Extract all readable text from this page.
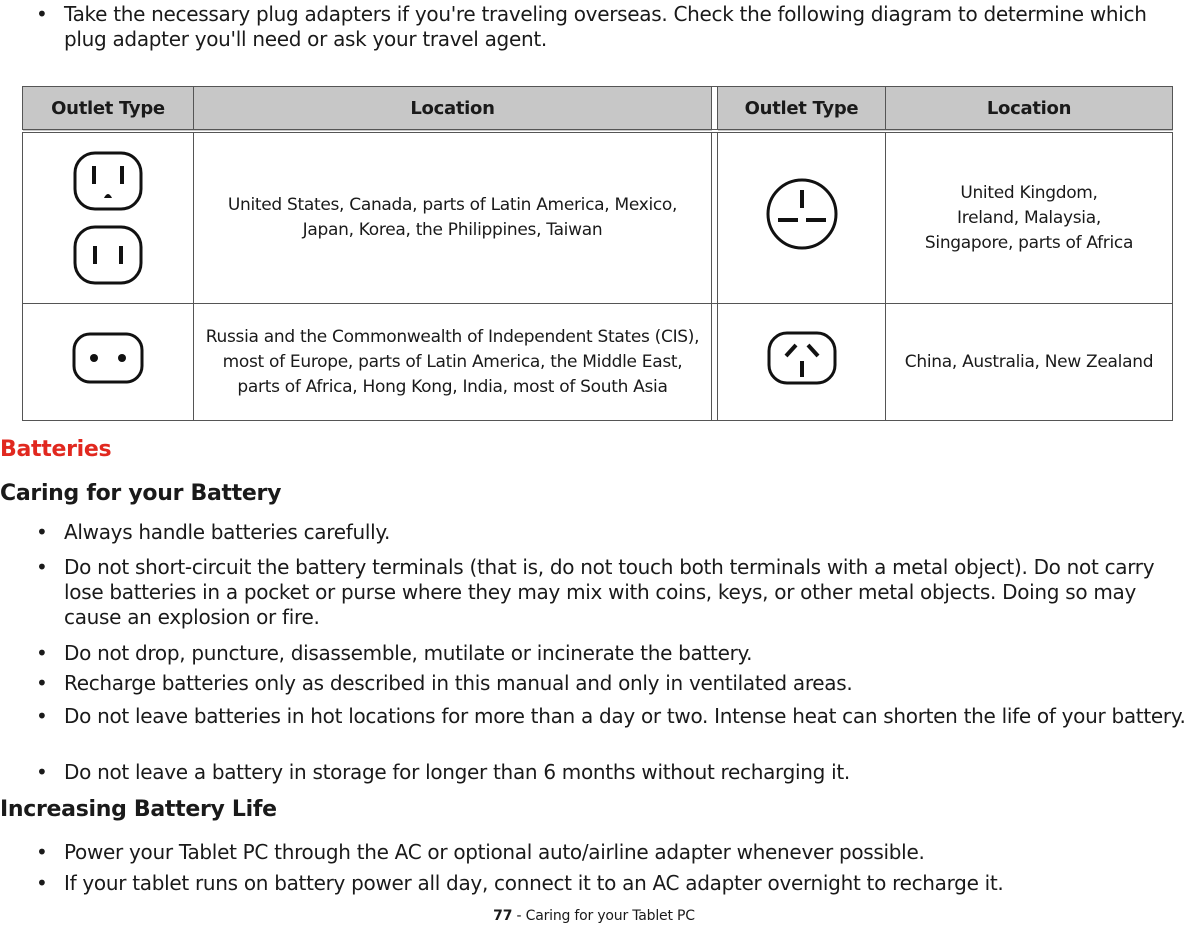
• Take the necessary plug adapters if you're traveling overseas. Check the following diagram to determine which plug adapter you'll need or ask your travel agent.
Outlet Type	Location		Outlet Type	Location

United States, Canada, parts of Latin America, Mexico, Japan, Korea, the Philippines, Taiwan			United Kingdom,
Ireland, Malaysia,
Singapore, parts of Africa

Russia and the Commonwealth of Independent States (CIS), most of Europe, parts of Latin America, the Middle East, parts of Africa, Hong Kong, India, most of South Asia			China, Australia, New Zealand
Batteries
Caring for your Battery
• Always handle batteries carefully.
• Do not short-circuit the battery terminals (that is, do not touch both terminals with a metal object). Do not carry lose batteries in a pocket or purse where they may mix with coins, keys, or other metal objects. Doing so may cause an explosion or fire.
• Do not drop, puncture, disassemble, mutilate or incinerate the battery.
• Recharge batteries only as described in this manual and only in ventilated areas.
• Do not leave batteries in hot locations for more than a day or two. Intense heat can shorten the life of your battery.
• Do not leave a battery in storage for longer than 6 months without recharging it.
Increasing Battery Life
• Power your Tablet PC through the AC or optional auto/airline adapter whenever possible.
• If your tablet runs on battery power all day, connect it to an AC adapter overnight to recharge it.
77 - Caring for your Tablet PC
